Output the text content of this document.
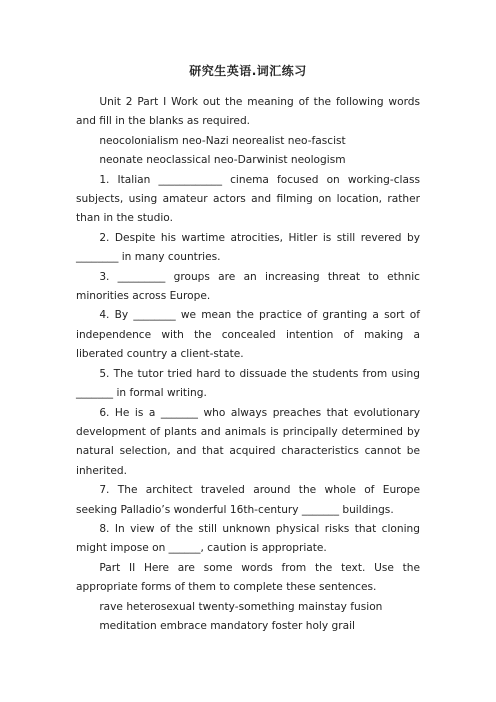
研究生英语.词汇练习

Unit 2 Part I Work out the meaning of the following words and fill in the blanks as required.

neocolonialism neo-Nazi neorealist neo-fascist

neonate neoclassical neo-Darwinist neologism

1. Italian ____________ cinema focused on working-class subjects, using amateur actors and filming on location, rather than in the studio.

2. Despite his wartime atrocities, Hitler is still revered by ________ in many countries.

3. _________ groups are an increasing threat to ethnic minorities across Europe.

4. By ________ we mean the practice of granting a sort of independence with the concealed intention of making a liberated country a client-state.

5. The tutor tried hard to dissuade the students from using _______ in formal writing.

6. He is a _______ who always preaches that evolutionary development of plants and animals is principally determined by natural selection, and that acquired characteristics cannot be inherited.

7. The architect traveled around the whole of Europe seeking Palladio’s wonderful 16th-century _______ buildings.

8. In view of the still unknown physical risks that cloning might impose on ______, caution is appropriate.

Part II Here are some words from the text. Use the appropriate forms of them to complete these sentences.

rave heterosexual twenty-something mainstay fusion

meditation embrace mandatory foster holy grail
